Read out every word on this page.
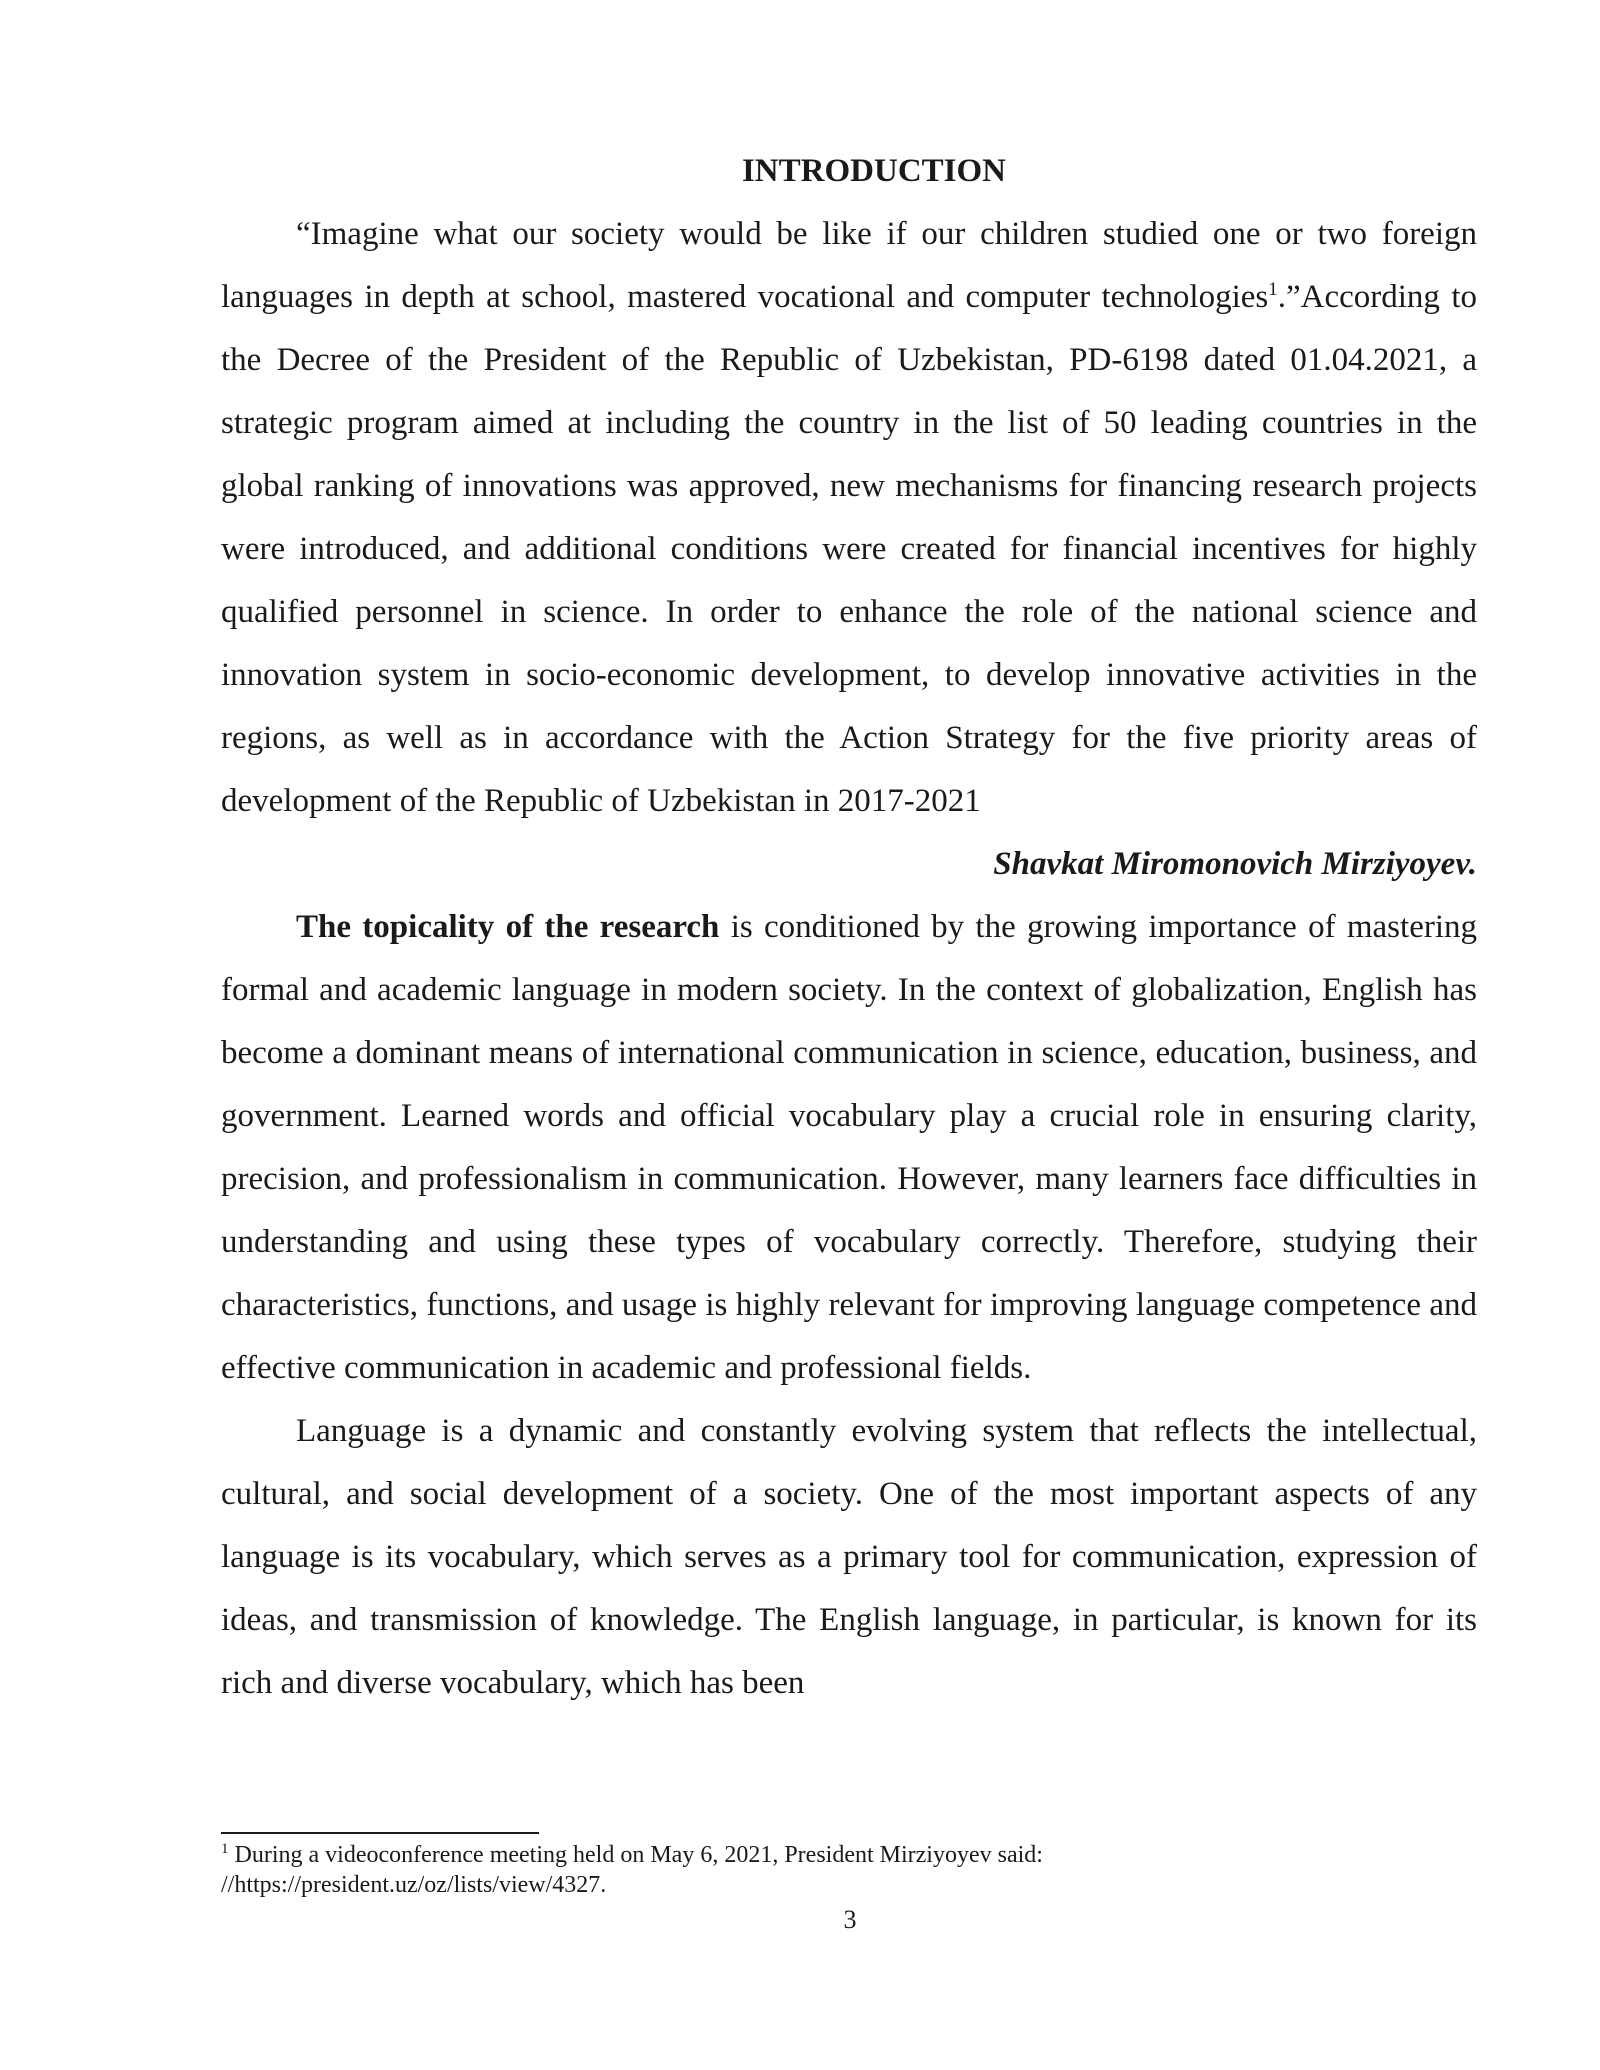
INTRODUCTION

“Imagine what our society would be like if our children studied one or two foreign languages in depth at school, mastered vocational and computer technologies$^1$.”According to the Decree of the President of the Republic of Uzbekistan, PD-6198 dated 01.04.2021, a strategic program aimed at including the country in the list of 50 leading countries in the global ranking of innovations was approved, new mechanisms for financing research projects were introduced, and additional conditions were created for financial incentives for highly qualified personnel in science. In order to enhance the role of the national science and innovation system in socio-economic development, to develop innovative activities in the regions, as well as in accordance with the Action Strategy for the five priority areas of development of the Republic of Uzbekistan in 2017-2021

Shavkat Miromonovich Mirziyoyev.

The topicality of the research is conditioned by the growing importance of mastering formal and academic language in modern society. In the context of globalization, English has become a dominant means of international communication in science, education, business, and government. Learned words and official vocabulary play a crucial role in ensuring clarity, precision, and professionalism in communication. However, many learners face difficulties in understanding and using these types of vocabulary correctly. Therefore, studying their characteristics, functions, and usage is highly relevant for improving language competence and effective communication in academic and professional fields.

Language is a dynamic and constantly evolving system that reflects the intellectual, cultural, and social development of a society. One of the most important aspects of any language is its vocabulary, which serves as a primary tool for communication, expression of ideas, and transmission of knowledge. The English language, in particular, is known for its rich and diverse vocabulary, which has been

$^1$ During a videoconference meeting held on May 6, 2021, President Mirziyoyev said:
//https://president.uz/oz/lists/view/4327.

3
